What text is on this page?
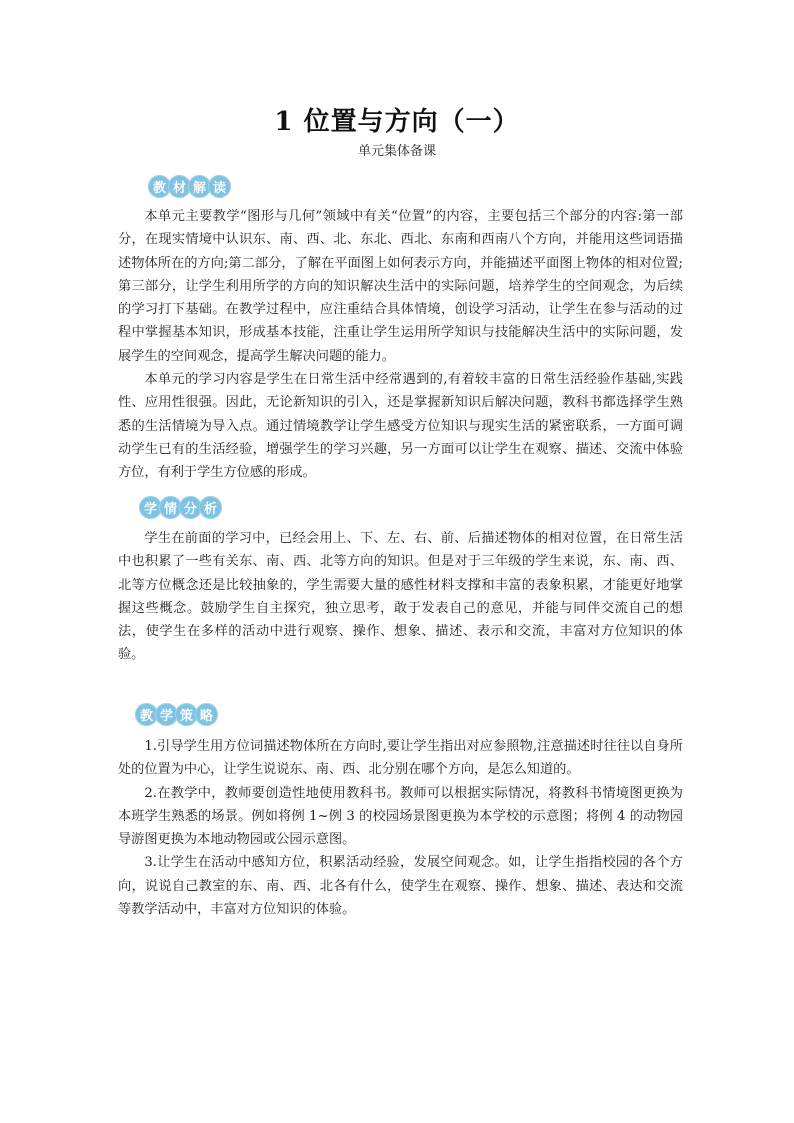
1 位置与方向（一）
单元集体备课
教 材 解 读

本单元主要教学“图形与几何”领域中有关“位置”的内容，主要包括三个部分的内容:第一部分，在现实情境中认识东、南、西、北、东北、西北、东南和西南八个方向，并能用这些词语描述物体所在的方向;第二部分，了解在平面图上如何表示方向，并能描述平面图上物体的相对位置;第三部分，让学生利用所学的方向的知识解决生活中的实际问题，培养学生的空间观念，为后续的学习打下基础。在教学过程中，应注重结合具体情境，创设学习活动，让学生在参与活动的过程中掌握基本知识，形成基本技能，注重让学生运用所学知识与技能解决生活中的实际问题，发展学生的空间观念，提高学生解决问题的能力。

本单元的学习内容是学生在日常生活中经常遇到的,有着较丰富的日常生活经验作基础,实践性、应用性很强。因此，无论新知识的引入，还是掌握新知识后解决问题，教科书都选择学生熟悉的生活情境为导入点。通过情境教学让学生感受方位知识与现实生活的紧密联系，一方面可调动学生已有的生活经验，增强学生的学习兴趣，另一方面可以让学生在观察、描述、交流中体验方位，有利于学生方位感的形成。

学 情 分 析

学生在前面的学习中，已经会用上、下、左、右、前、后描述物体的相对位置，在日常生活中也积累了一些有关东、南、西、北等方向的知识。但是对于三年级的学生来说，东、南、西、北等方位概念还是比较抽象的，学生需要大量的感性材料支撑和丰富的表象积累，才能更好地掌握这些概念。鼓励学生自主探究，独立思考，敢于发表自己的意见，并能与同伴交流自己的想法，使学生在多样的活动中进行观察、操作、想象、描述、表示和交流，丰富对方位知识的体验。

教 学 策 略

1.引导学生用方位词描述物体所在方向时,要让学生指出对应参照物,注意描述时往往以自身所处的位置为中心，让学生说说东、南、西、北分别在哪个方向，是怎么知道的。

2.在教学中，教师要创造性地使用教科书。教师可以根据实际情况，将教科书情境图更换为本班学生熟悉的场景。例如将例 1~例 3 的校园场景图更换为本学校的示意图；将例 4 的动物园导游图更换为本地动物园或公园示意图。

3.让学生在活动中感知方位，积累活动经验，发展空间观念。如，让学生指指校园的各个方向，说说自己教室的东、南、西、北各有什么，使学生在观察、操作、想象、描述、表达和交流等教学活动中，丰富对方位知识的体验。
